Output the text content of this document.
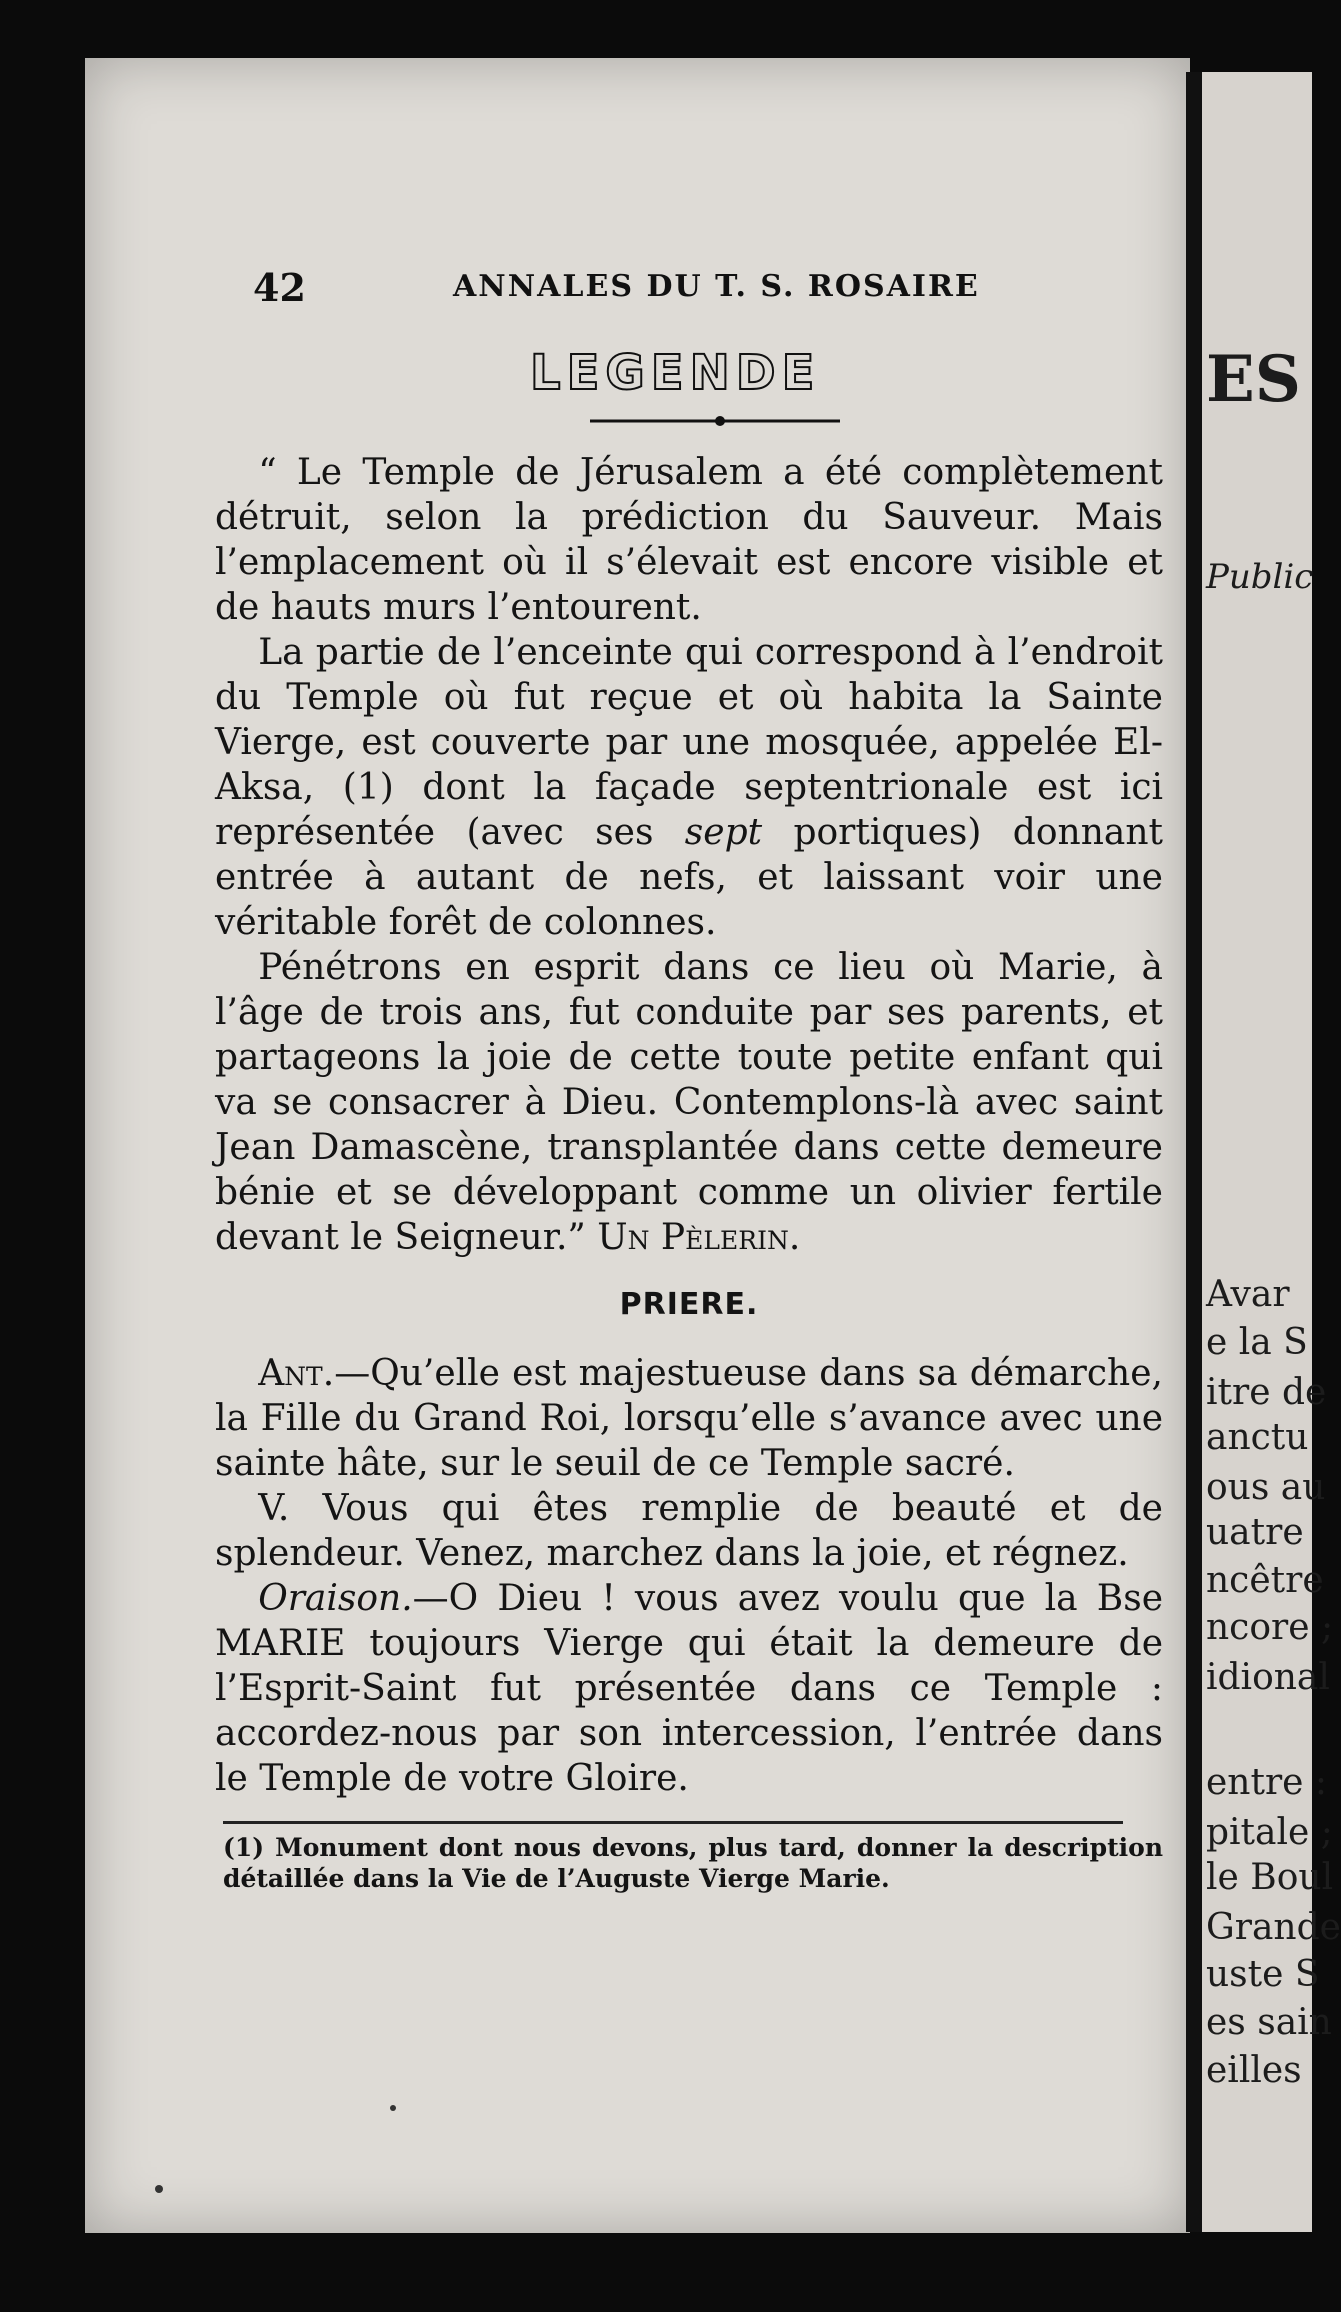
ES
Public
Avar
e la S
itre de
anctu
ous au
uatre
ncêtre
ncore ;
idional
entre :
pitale ;
le Boul
Grande
uste S
es sain
eilles
42	ANNALES DU T. S. ROSAIRE
LEGENDE

“ Le Temple de Jérusalem a été complètement détruit, selon la prédiction du Sauveur. Mais l’emplacement où il s’élevait est encore visible et de hauts murs l’entourent.

La partie de l’enceinte qui correspond à l’endroit du Temple où fut reçue et où habita la Sainte Vierge, est couverte par une mosquée, appelée El-Aksa, (1) dont la façade septentrionale est ici représentée (avec ses sept portiques) donnant entrée à autant de nefs, et laissant voir une véritable forêt de colonnes.

Pénétrons en esprit dans ce lieu où Marie, à l’âge de trois ans, fut conduite par ses parents, et partageons la joie de cette toute petite enfant qui va se consacrer à Dieu. Contemplons-là avec saint Jean Damascène, transplantée dans cette demeure bénie et se développant comme un olivier fertile devant le Seigneur.” Un Pèlerin.

PRIERE.

Ant.—Qu’elle est majestueuse dans sa démarche, la Fille du Grand Roi, lorsqu’elle s’avance avec une sainte hâte, sur le seuil de ce Temple sacré.

V. Vous qui êtes remplie de beauté et de splendeur. Venez, marchez dans la joie, et régnez.

Oraison.—O Dieu ! vous avez voulu que la Bse MARIE toujours Vierge qui était la demeure de l’Esprit-Saint fut présentée dans ce Temple : accordez-nous par son intercession, l’entrée dans le Temple de votre Gloire.

(1) Monument dont nous devons, plus tard, donner la description détaillée dans la Vie de l’Auguste Vierge Marie.
